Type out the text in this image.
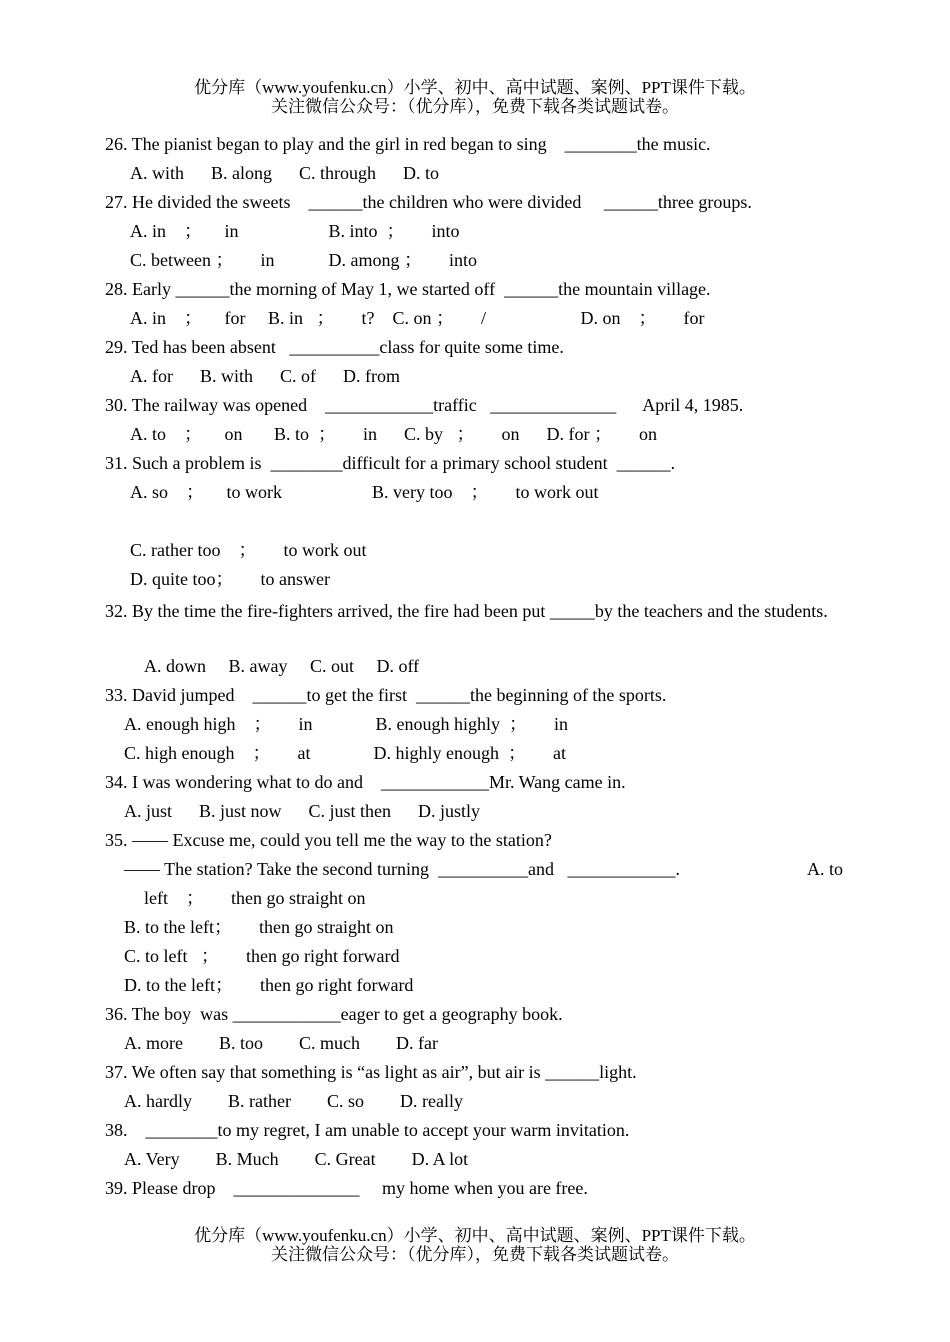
优分库（www.youfenku.cn）小学、初中、高中试题、案例、PPT课件下载。
关注微信公众号：（优分库），免费下载各类试题试卷。
26. The pianist began to play and the girl in red began to sing    ________the music.
A. with      B. along      C. through      D. to
27. He divided the sweets    ______the children who were divided     ______three groups.
A. in    ；     in                    B. into  ；      into
C. between ；      in            D. among ；      into
28. Early ______the morning of May 1, we started off  ______the mountain village.
A. in    ；     for     B. in   ；      t?    C. on ；      /                     D. on    ；      for
29. Ted has been absent   __________class for quite some time.
A. for      B. with      C. of      D. from
30. The railway was opened    ____________traffic   ______________      April 4, 1985.
A. to    ；     on       B. to  ；      in      C. by   ；      on      D. for ；      on
31. Such a problem is  ________difficult for a primary school student  ______.
A. so    ；     to work                    B. very too    ；      to work out
C. rather too    ；      to work out
D. quite too；      to answer
32. By the time the fire-fighters arrived, the fire had been put _____by the teachers and the students.
A. down     B. away     C. out     D. off
33. David jumped    ______to get the first  ______the beginning of the sports.
A. enough high    ；      in              B. enough highly  ；      in
C. high enough    ；      at              D. highly enough  ；      at
34. I was wondering what to do and    ____________Mr. Wang came in.
A. just      B. just now      C. just then      D. justly
35. —— Excuse me, could you tell me the way to the station?
—— The station? Take the second turning  __________and   ____________.	A. to
left    ；      then go straight on
B. to the left；      then go straight on
C. to left   ；      then go right forward
D. to the left；      then go right forward
36. The boy  was ____________eager to get a geography book.
A. more        B. too        C. much        D. far
37. We often say that something is “as light as air”, but air is ______light.
A. hardly        B. rather        C. so        D. really
38.    ________to my regret, I am unable to accept your warm invitation.
A. Very        B. Much        C. Great        D. A lot
39. Please drop    ______________     my home when you are free.
优分库（www.youfenku.cn）小学、初中、高中试题、案例、PPT课件下载。
关注微信公众号：（优分库），免费下载各类试题试卷。
